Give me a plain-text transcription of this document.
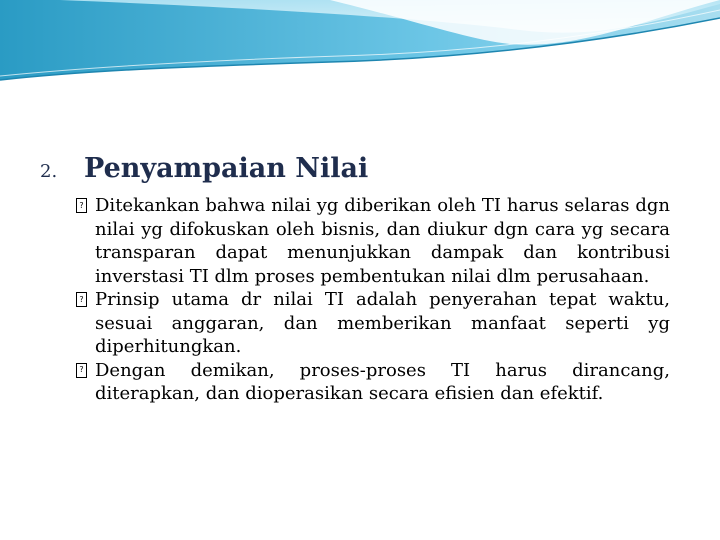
2. Penyampaian Nilai
? Ditekankan bahwa nilai yg diberikan oleh TI harus selaras dgn nilai yg difokuskan oleh bisnis, dan diukur dgn cara yg secara transparan dapat menunjukkan dampak dan kontribusi inverstasi TI dlm proses pembentukan nilai dlm perusahaan.
? Prinsip utama dr nilai TI adalah penyerahan tepat waktu, sesuai anggaran, dan memberikan manfaat seperti yg diperhitungkan.
? Dengan demikan, proses-proses TI harus dirancang, diterapkan, dan dioperasikan secara efisien dan efektif.
